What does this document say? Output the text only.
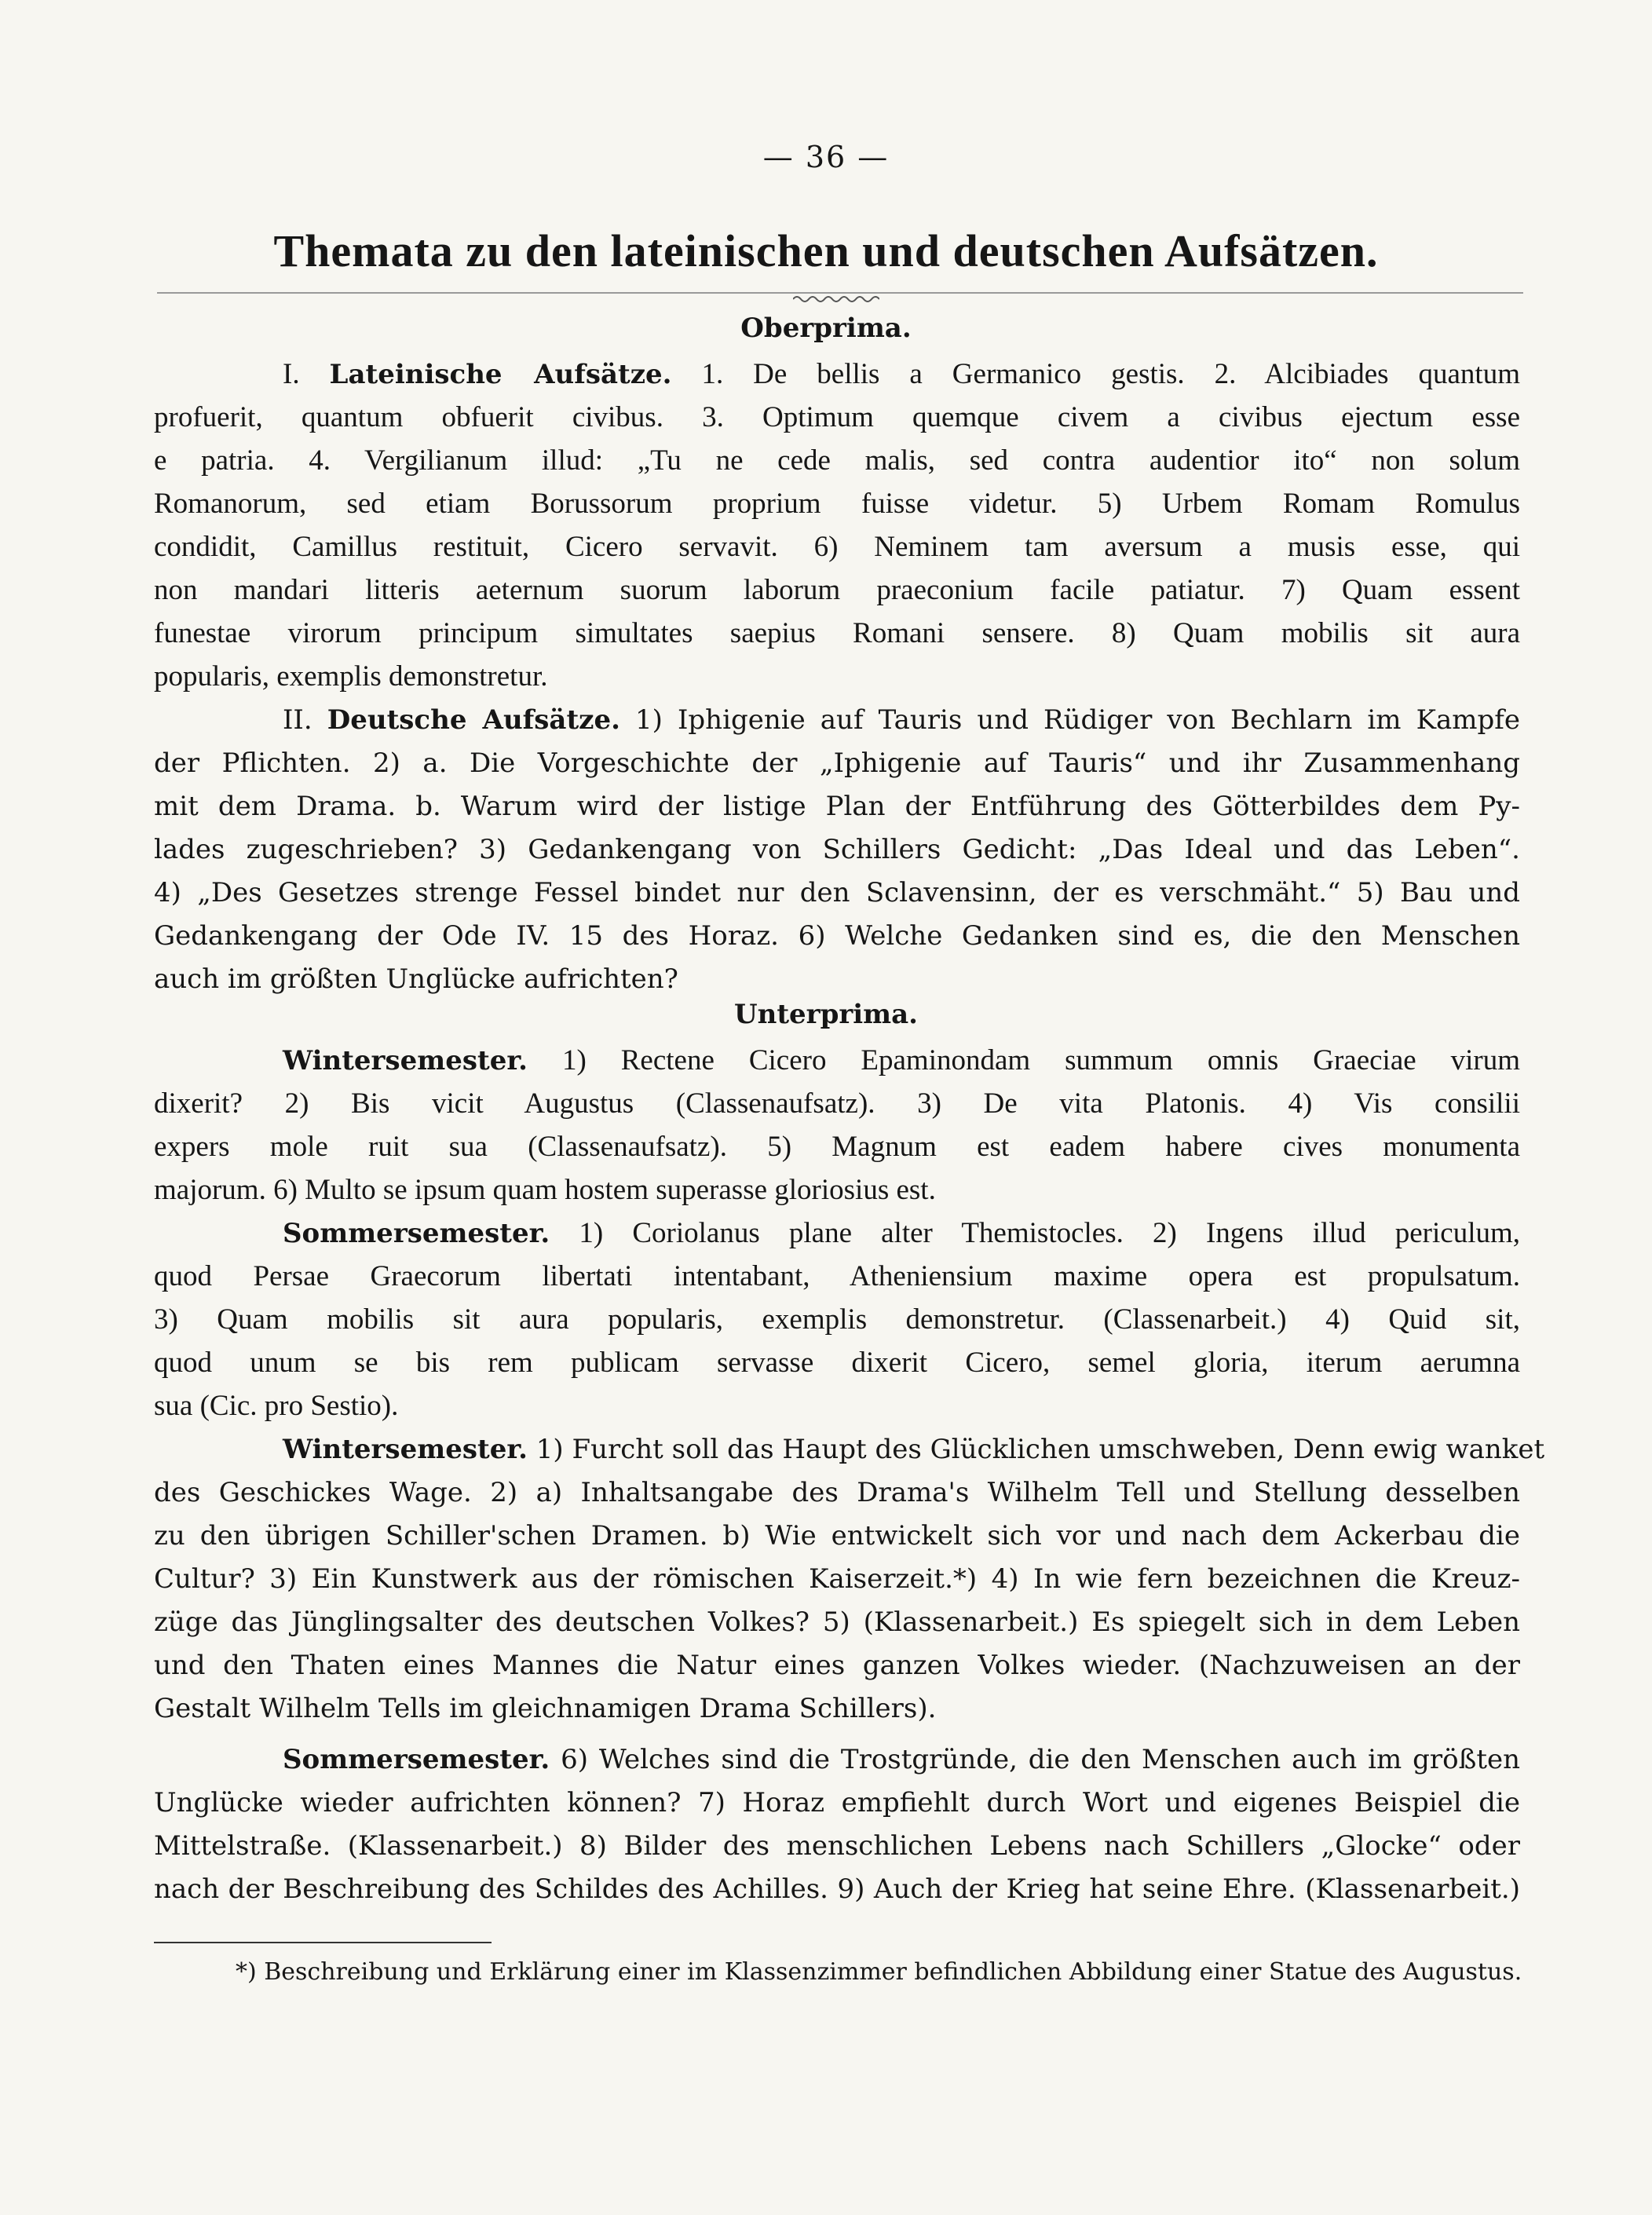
— 36 —
Themata zu den lateinischen und deutschen Aufsätzen.
Oberprima.
I. Lateinische Aufsätze. 1. De bellis a Germanico gestis. 2. Alcibiades quantum
profuerit, quantum obfuerit civibus. 3. Optimum quemque civem a civibus ejectum esse
e patria. 4. Vergilianum illud: „Tu ne cede malis, sed contra audentior ito“ non solum
Romanorum, sed etiam Borussorum proprium fuisse videtur. 5) Urbem Romam Romulus
condidit, Camillus restituit, Cicero servavit. 6) Neminem tam aversum a musis esse, qui
non mandari litteris aeternum suorum laborum praeconium facile patiatur. 7) Quam essent
funestae virorum principum simultates saepius Romani sensere. 8) Quam mobilis sit aura
popularis, exemplis demonstretur.
II. Deutsche Aufsätze. 1) Iphigenie auf Tauris und Rüdiger von Bechlarn im Kampfe
der Pflichten. 2) a. Die Vorgeschichte der „Iphigenie auf Tauris“ und ihr Zusammenhang
mit dem Drama. b. Warum wird der listige Plan der Entführung des Götterbildes dem Py-
lades zugeschrieben? 3) Gedankengang von Schillers Gedicht: „Das Ideal und das Leben“.
4) „Des Gesetzes strenge Fessel bindet nur den Sclavensinn, der es verschmäht.“ 5) Bau und
Gedankengang der Ode IV. 15 des Horaz. 6) Welche Gedanken sind es, die den Menschen
auch im größten Unglücke aufrichten?
Unterprima.
Wintersemester. 1) Rectene Cicero Epaminondam summum omnis Graeciae virum
dixerit? 2) Bis vicit Augustus (Classenaufsatz). 3) De vita Platonis. 4) Vis consilii
expers mole ruit sua (Classenaufsatz). 5) Magnum est eadem habere cives monumenta
majorum. 6) Multo se ipsum quam hostem superasse gloriosius est.
Sommersemester. 1) Coriolanus plane alter Themistocles. 2) Ingens illud periculum,
quod Persae Graecorum libertati intentabant, Atheniensium maxime opera est propulsatum.
3) Quam mobilis sit aura popularis, exemplis demonstretur. (Classenarbeit.) 4) Quid sit,
quod unum se bis rem publicam servasse dixerit Cicero, semel gloria, iterum aerumna
sua (Cic. pro Sestio).
Wintersemester. 1) Furcht soll das Haupt des Glücklichen umschweben, Denn ewig wanket
des Geschickes Wage. 2) a) Inhaltsangabe des Drama's Wilhelm Tell und Stellung desselben
zu den übrigen Schiller'schen Dramen. b) Wie entwickelt sich vor und nach dem Ackerbau die
Cultur? 3) Ein Kunstwerk aus der römischen Kaiserzeit.*) 4) In wie fern bezeichnen die Kreuz-
züge das Jünglingsalter des deutschen Volkes? 5) (Klassenarbeit.) Es spiegelt sich in dem Leben
und den Thaten eines Mannes die Natur eines ganzen Volkes wieder. (Nachzuweisen an der
Gestalt Wilhelm Tells im gleichnamigen Drama Schillers).
Sommersemester. 6) Welches sind die Trostgründe, die den Menschen auch im größten
Unglücke wieder aufrichten können? 7) Horaz empfiehlt durch Wort und eigenes Beispiel die
Mittelstraße. (Klassenarbeit.) 8) Bilder des menschlichen Lebens nach Schillers „Glocke“ oder
nach der Beschreibung des Schildes des Achilles. 9) Auch der Krieg hat seine Ehre. (Klassenarbeit.)
*) Beschreibung und Erklärung einer im Klassenzimmer befindlichen Abbildung einer Statue des Augustus.
